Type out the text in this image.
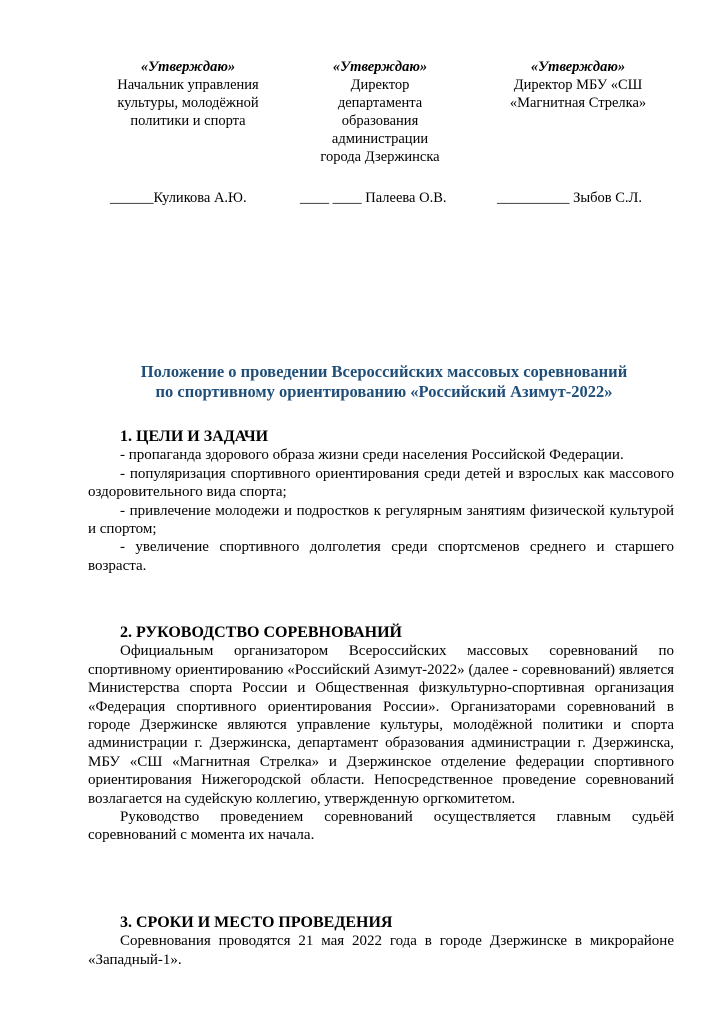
«Утверждаю»
Начальник управления
культуры, молодёжной
политики и спорта
«Утверждаю»
Директор
департамента
образования
администрации
города Дзержинска
«Утверждаю»
Директор МБУ «СШ
«Магнитная Стрелка»
______Куликова А.Ю.	____ ____ Палеева О.В.	__________ Зыбов С.Л.
Положение о проведении Всероссийских массовых соревнований
по спортивному ориентированию «Российский Азимут-2022»

1. ЦЕЛИ И ЗАДАЧИ

- пропаганда здорового образа жизни среди населения Российской Федерации.

- популяризация спортивного ориентирования среди детей и взрослых как массового оздоровительного вида спорта;

- привлечение молодежи и подростков к регулярным занятиям физической культурой и спортом;

- увеличение спортивного долголетия среди спортсменов среднего и старшего возраста.

2. РУКОВОДСТВО СОРЕВНОВАНИЙ

Официальным организатором Всероссийских массовых соревнований по спортивному ориентированию «Российский Азимут-2022» (далее - соревнований) является Министерства спорта России и Общественная физкультурно-спортивная организация «Федерация спортивного ориентирования России». Организаторами соревнований в городе Дзержинске являются управление культуры, молодёжной политики и спорта администрации г. Дзержинска, департамент образования администрации г. Дзержинска, МБУ «СШ «Магнитная Стрелка» и Дзержинское отделение федерации спортивного ориентирования Нижегородской области. Непосредственное проведение соревнований возлагается на судейскую коллегию, утвержденную оргкомитетом.

Руководство проведением соревнований осуществляется главным судьёй соревнований с момента их начала.

3. СРОКИ И МЕСТО ПРОВЕДЕНИЯ

Соревнования проводятся 21 мая 2022 года в городе Дзержинске в микрорайоне «Западный-1».
